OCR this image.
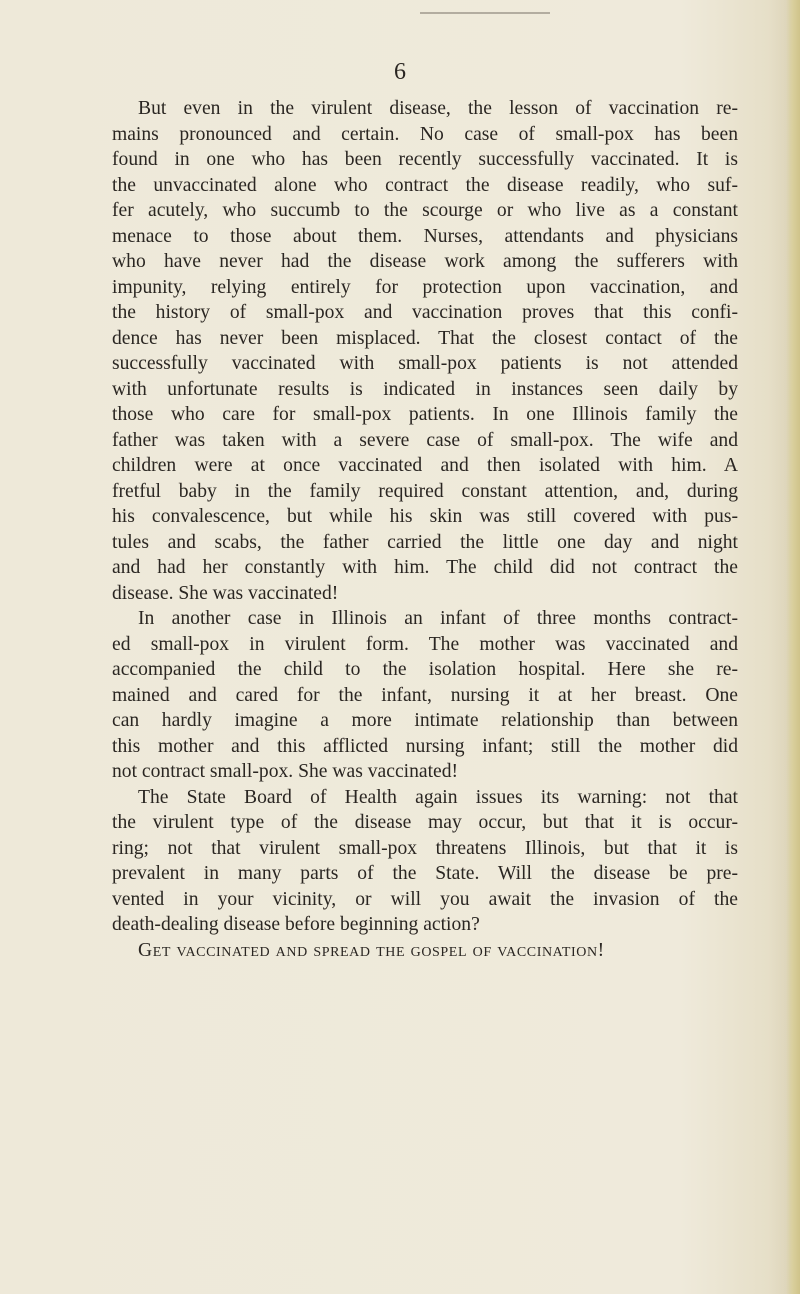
6
But even in the virulent disease, the lesson of vaccination re-
mains pronounced and certain. No case of small-pox has been
found in one who has been recently successfully vaccinated. It is
the unvaccinated alone who contract the disease readily, who suf-
fer acutely, who succumb to the scourge or who live as a constant
menace to those about them. Nurses, attendants and physicians
who have never had the disease work among the sufferers with
impunity, relying entirely for protection upon vaccination, and
the history of small-pox and vaccination proves that this confi-
dence has never been misplaced. That the closest contact of the
successfully vaccinated with small-pox patients is not attended
with unfortunate results is indicated in instances seen daily by
those who care for small-pox patients. In one Illinois family the
father was taken with a severe case of small-pox. The wife and
children were at once vaccinated and then isolated with him. A
fretful baby in the family required constant attention, and, during
his convalescence, but while his skin was still covered with pus-
tules and scabs, the father carried the little one day and night
and had her constantly with him. The child did not contract the
disease. She was vaccinated!
In another case in Illinois an infant of three months contract-
ed small-pox in virulent form. The mother was vaccinated and
accompanied the child to the isolation hospital. Here she re-
mained and cared for the infant, nursing it at her breast. One
can hardly imagine a more intimate relationship than between
this mother and this afflicted nursing infant; still the mother did
not contract small-pox. She was vaccinated!
The State Board of Health again issues its warning: not that
the virulent type of the disease may occur, but that it is occur-
ring; not that virulent small-pox threatens Illinois, but that it is
prevalent in many parts of the State. Will the disease be pre-
vented in your vicinity, or will you await the invasion of the
death-dealing disease before beginning action?
Get vaccinated and spread the gospel of vaccination!
